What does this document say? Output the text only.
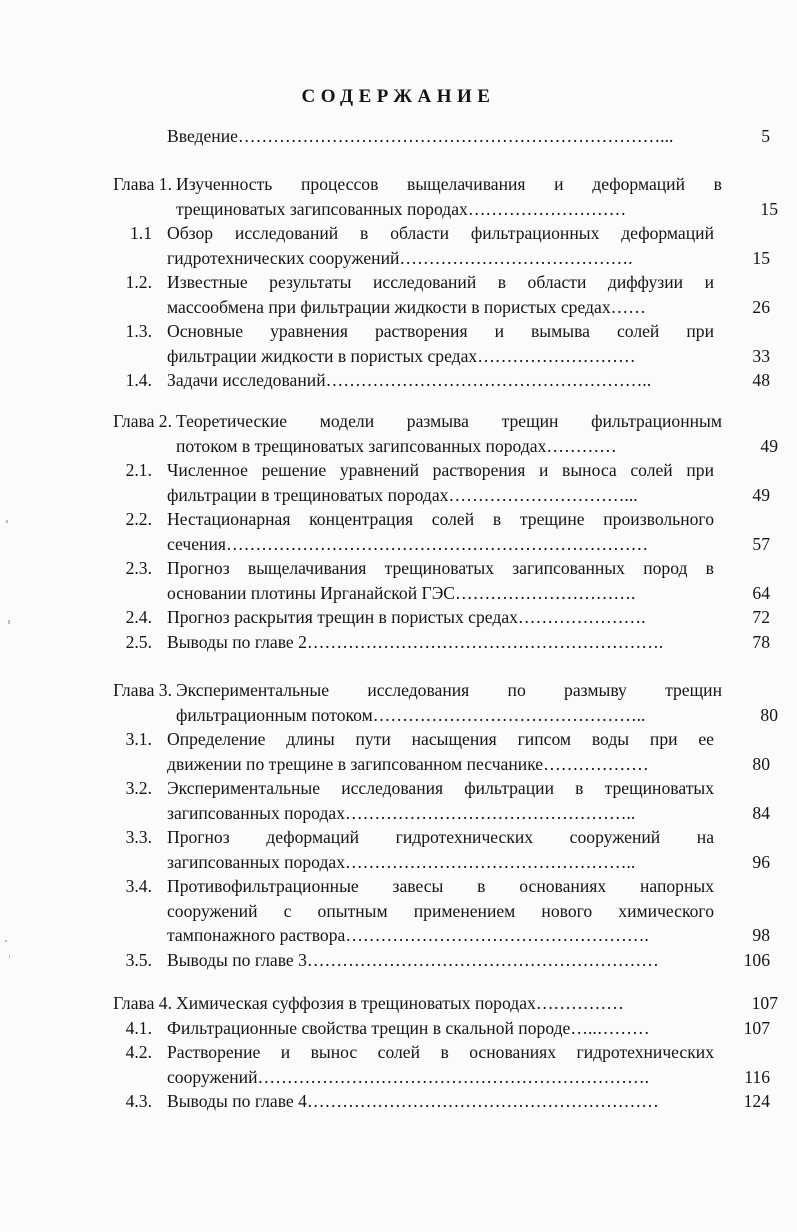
СОДЕРЖАНИЕ
Введение………………………………………………………………...	5
Глава 1. Изученность процессов выщелачивания и деформаций в
трещиноватых загипсованных породах………………………	15
1.1 Обзор исследований в области фильтрационных деформаций
гидротехнических сооружений………………………………….	15
1.2. Известные результаты исследований в области диффузии и
массообмена при фильтрации жидкости в пористых средах……	26
1.3. Основные уравнения растворения и вымыва солей при
фильтрации жидкости в пористых средах………………………	33
1.4. Задачи исследований………………………………………………..	48
Глава 2. Теоретические модели размыва трещин фильтрационным
потоком в трещиноватых загипсованных породах…………	49
2.1. Численное решение уравнений растворения и выноса солей при
фильтрации в трещиноватых породах…………………………...	49
2.2. Нестационарная концентрация солей в трещине произвольного
сечения………………………………………………………………	57
2.3. Прогноз выщелачивания трещиноватых загипсованных пород в
основании плотины Ирганайской ГЭС………………………….	64
2.4. Прогноз раскрытия трещин в пористых средах………………….	72
2.5. Выводы по главе 2…………………………………………………….	78
Глава 3. Экспериментальные исследования по размыву трещин
фильтрационным потоком………………………………………..	80
3.1. Определение длины пути насыщения гипсом воды при ее
движении по трещине в загипсованном песчанике………………	80
3.2. Экспериментальные исследования фильтрации в трещиноватых
загипсованных породах…………………………………………..	84
3.3. Прогноз деформаций гидротехнических сооружений на
загипсованных породах…………………………………………..	96
3.4. Противофильтрационные завесы в основаниях напорных
сооружений с опытным применением нового химического
тампонажного раствора…………………………………………….	98
3.5. Выводы по главе 3……………………………………………………	106
Глава 4. Химическая суффозия в трещиноватых породах……………	107
4.1. Фильтрационные свойства трещин в скальной породе…..………	107
4.2. Растворение и вынос солей в основаниях гидротехнических
сооружений………………………………………………………….	116
4.3. Выводы по главе 4……………………………………………………	124
